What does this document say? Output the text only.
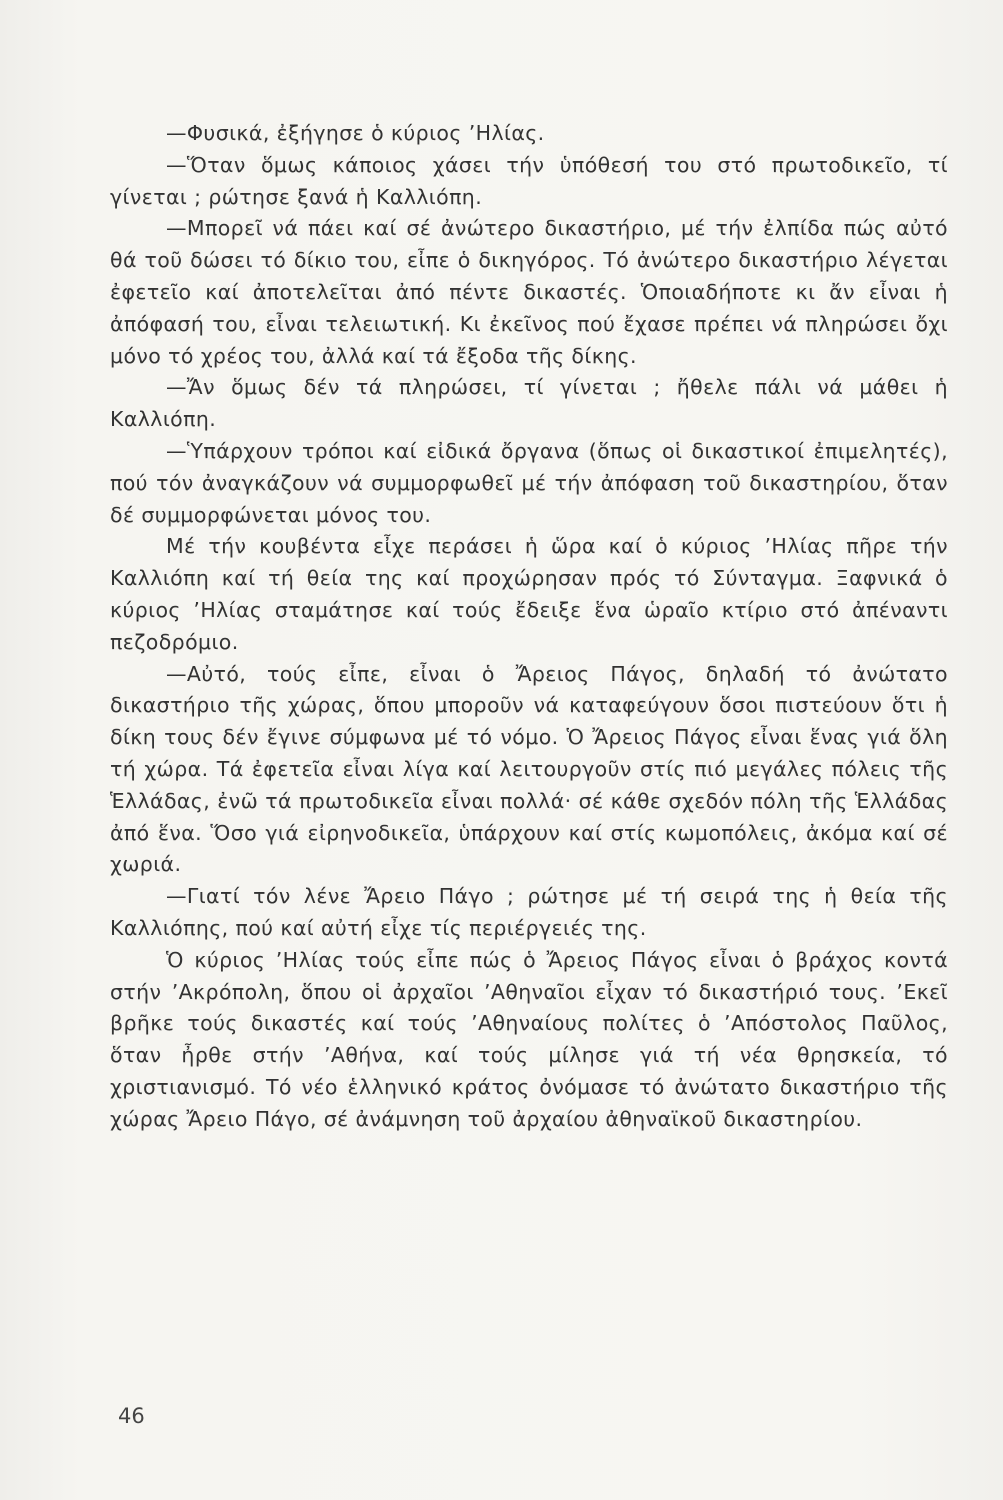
—Φυσικά, ἐξήγησε ὁ κύριος ’Ηλίας.

—Ὅταν ὅμως κάποιος χάσει τήν ὑπόθεσή του στό πρωτοδικεῖο, τί γίνεται ; ρώτησε ξανά ἡ Καλλιόπη.

—Μπορεῖ νά πάει καί σέ ἀνώτερο δικαστήριο, μέ τήν ἐλπίδα πώς αὐτό θά τοῦ δώσει τό δίκιο του, εἶπε ὁ δικηγόρος. Τό ἀνώτερο δικαστήριο λέγεται ἐφετεῖο καί ἀποτελεῖται ἀπό πέντε δικαστές. Ὁποιαδήποτε κι ἄν εἶναι ἡ ἀπόφασή του, εἶναι τελειωτική. Κι ἐκεῖνος πού ἔχασε πρέπει νά πληρώσει ὄχι μόνο τό χρέος του, ἀλλά καί τά ἔξοδα τῆς δίκης.

—Ἄν ὅμως δέν τά πληρώσει, τί γίνεται ; ἤθελε πάλι νά μάθει ἡ Καλλιόπη.

—Ὑπάρχουν τρόποι καί εἰδικά ὄργανα (ὅπως οἱ δικαστικοί ἐπιμελητές), πού τόν ἀναγκάζουν νά συμμορφωθεῖ μέ τήν ἀπόφαση τοῦ δικαστηρίου, ὅταν δέ συμμορφώνεται μόνος του.

Μέ τήν κουβέντα εἶχε περάσει ἡ ὥρα καί ὁ κύριος ’Ηλίας πῆρε τήν Καλλιόπη καί τή θεία της καί προχώρησαν πρός τό Σύνταγμα. Ξαφνικά ὁ κύριος ’Ηλίας σταμάτησε καί τούς ἔδειξε ἕνα ὡραῖο κτίριο στό ἀπέναντι πεζοδρόμιο.

—Αὐτό, τούς εἶπε, εἶναι ὁ Ἄρειος Πάγος, δηλαδή τό ἀνώτατο δικαστήριο τῆς χώρας, ὅπου μποροῦν νά καταφεύγουν ὅσοι πιστεύουν ὅτι ἡ δίκη τους δέν ἔγινε σύμφωνα μέ τό νόμο. Ὁ Ἄρειος Πάγος εἶναι ἕνας γιά ὅλη τή χώρα. Τά ἐφετεῖα εἶναι λίγα καί λειτουργοῦν στίς πιό μεγάλες πόλεις τῆς Ἑλλάδας, ἐνῶ τά πρωτοδικεῖα εἶναι πολλά· σέ κάθε σχεδόν πόλη τῆς Ἑλλάδας ἀπό ἕνα. Ὅσο γιά εἰρηνοδικεῖα, ὑπάρχουν καί στίς κωμοπόλεις, ἀκόμα καί σέ χωριά.

—Γιατί τόν λένε Ἄρειο Πάγο ; ρώτησε μέ τή σειρά της ἡ θεία τῆς Καλλιόπης, πού καί αὐτή εἶχε τίς περιέργειές της.

Ὁ κύριος ’Ηλίας τούς εἶπε πώς ὁ Ἄρειος Πάγος εἶναι ὁ βράχος κοντά στήν ’Ακρόπολη, ὅπου οἱ ἀρχαῖοι ’Αθηναῖοι εἶχαν τό δικαστήριό τους. ’Εκεῖ βρῆκε τούς δικαστές καί τούς ’Αθηναίους πολίτες ὁ ’Απόστολος Παῦλος, ὅταν ἦρθε στήν ’Αθήνα, καί τούς μίλησε γιά τή νέα θρησκεία, τό χριστιανισμό. Τό νέο ἑλληνικό κράτος ὀνόμασε τό ἀνώτατο δικαστήριο τῆς χώρας Ἄρειο Πάγο, σέ ἀνάμνηση τοῦ ἀρχαίου ἀθηναϊκοῦ δικαστηρίου.

46
